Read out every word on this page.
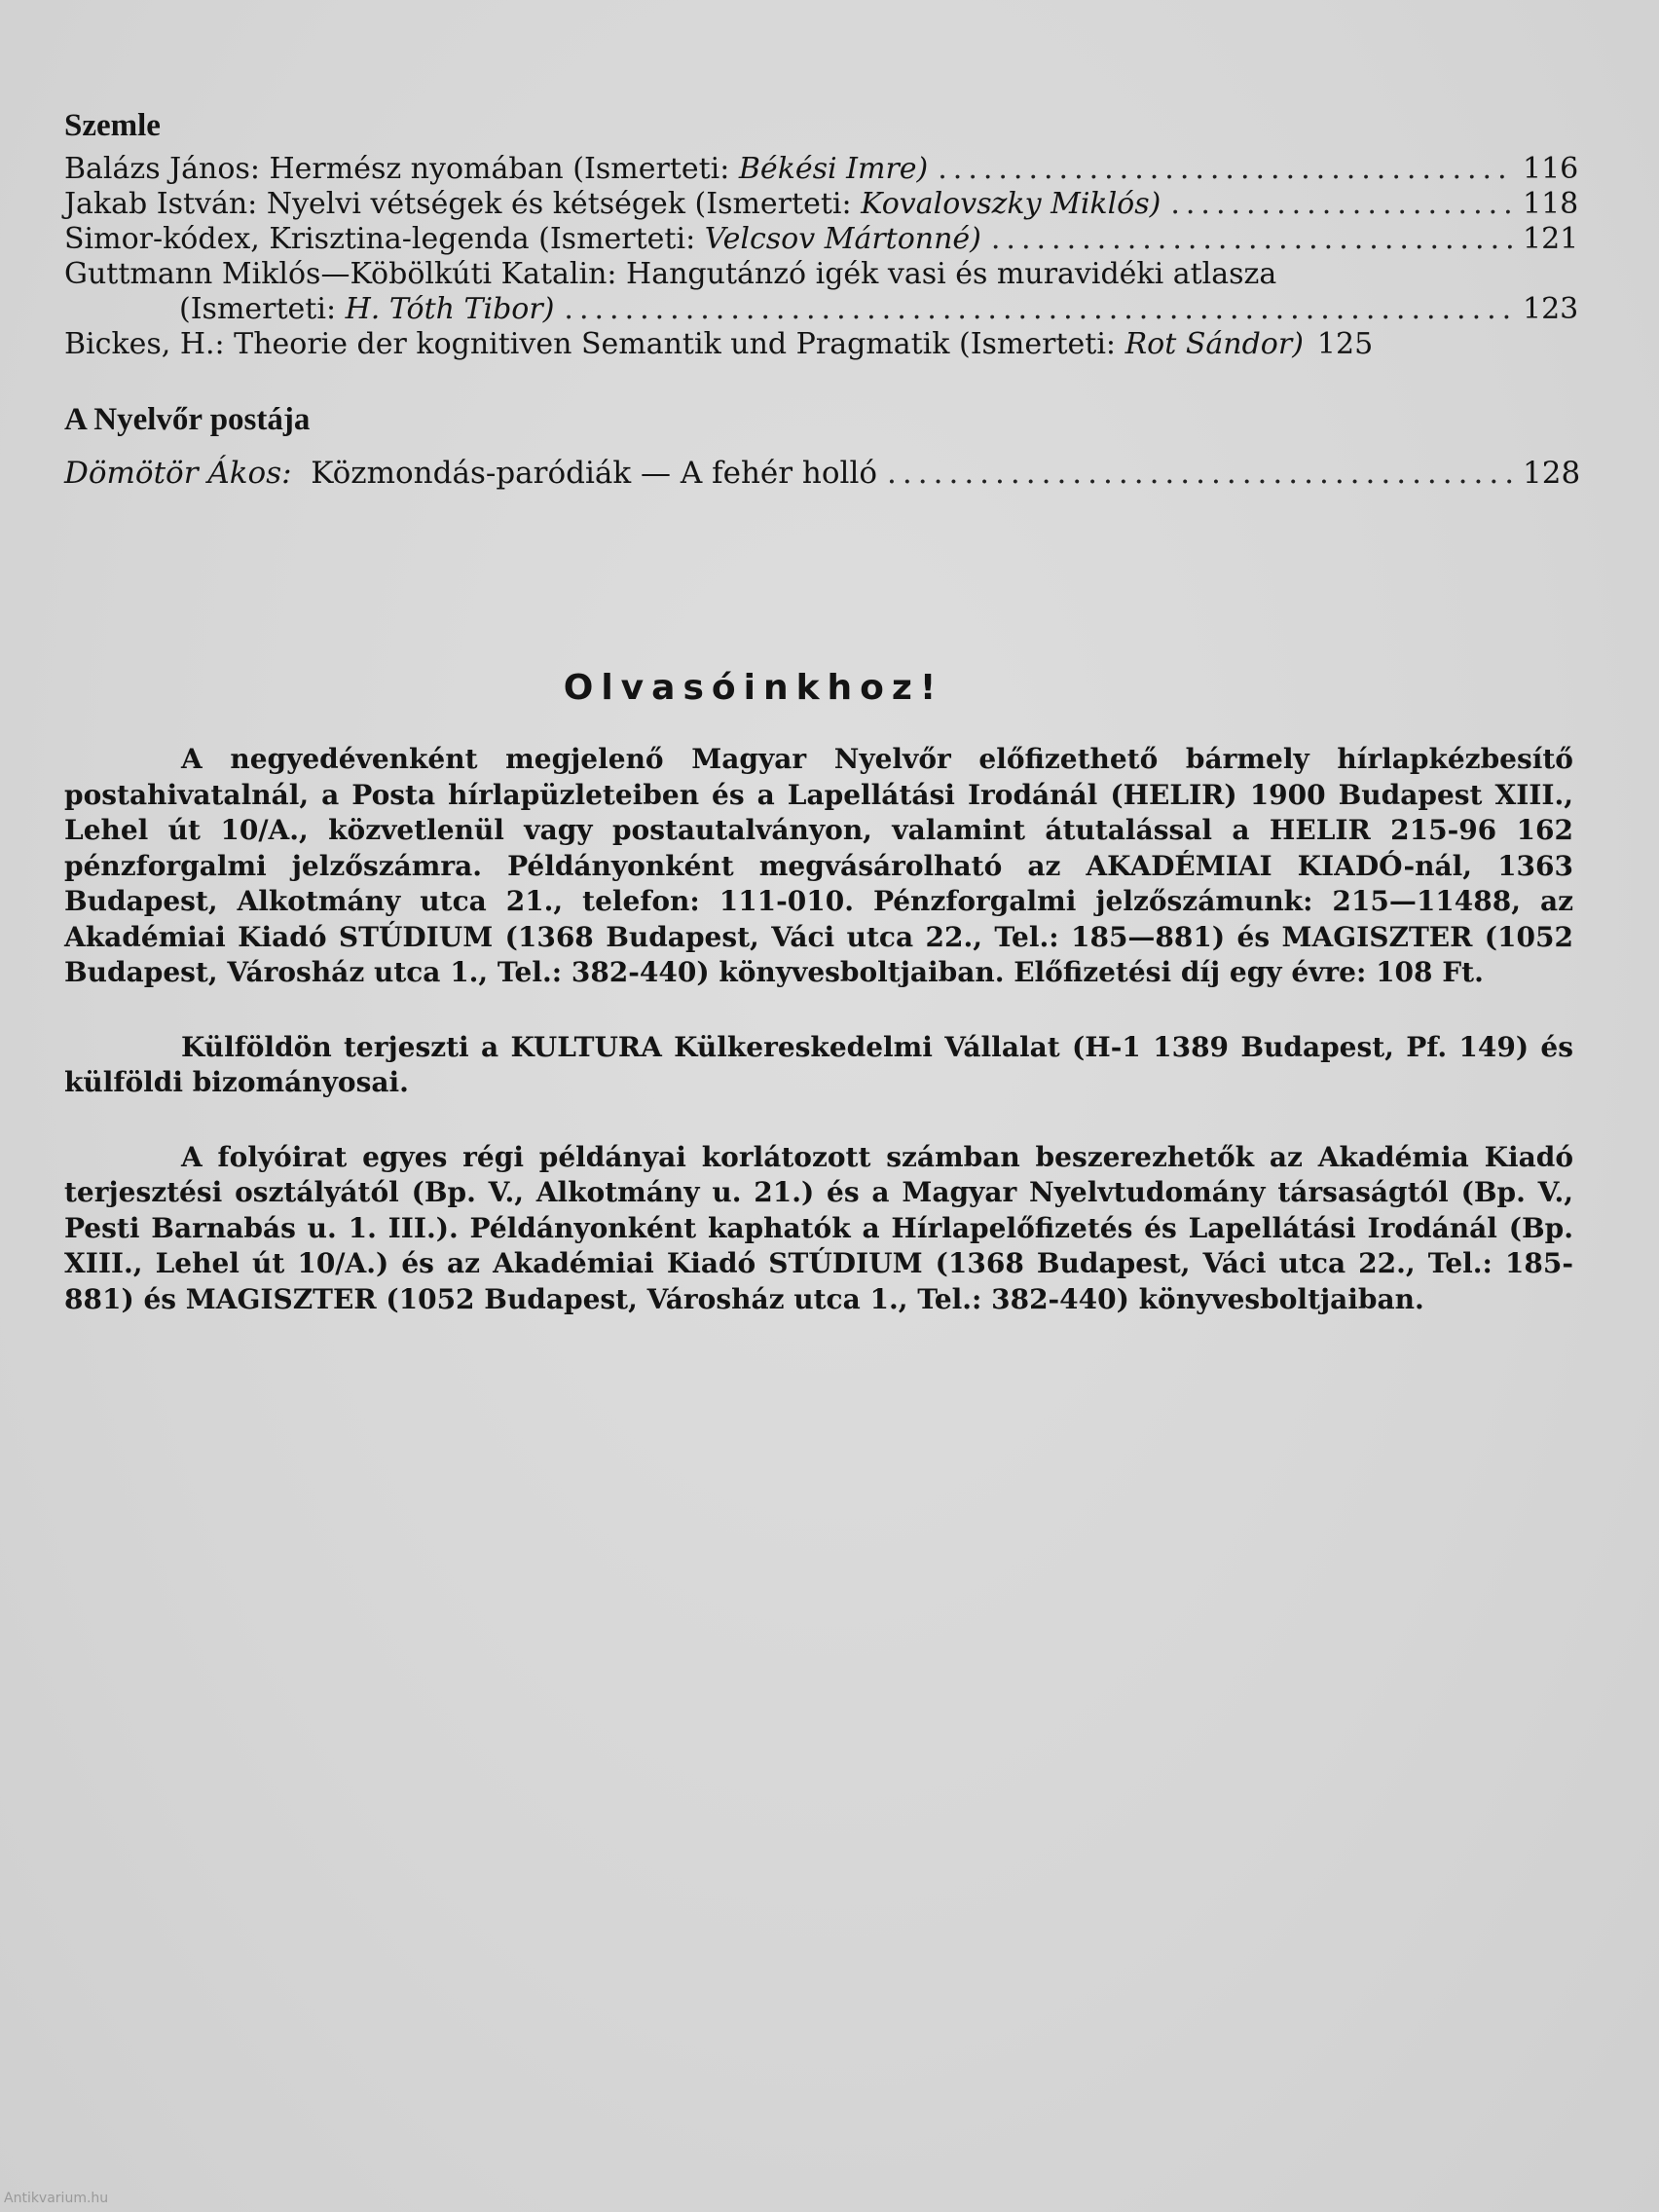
Szemle
Balázs János: Hermész nyomában (Ismerteti: Békési Imre) .....	116
Jakab István: Nyelvi vétségek és kétségek (Ismerteti: Kovalovszky Miklós) .....	118
Simor-kódex, Krisztina-legenda (Ismerteti: Velcsov Mártonné) .....	121
Guttmann Miklós—Köbölkúti Katalin: Hangutánzó igék vasi és muravidéki atlasza
(Ismerteti: H. Tóth Tibor) .....	123
Bickes, H.: Theorie der kognitiven Semantik und Pragmatik (Ismerteti: Rot Sándor) 125
A Nyelvőr postája
Dömötör Ákos: Közmondás-paródiák — A fehér holló .....	128
Olvasóinkhoz!

A negyedévenként megjelenő Magyar Nyelvőr előfizethető bármely hírlapkézbesítő postahivatalnál, a Posta hírlapüzleteiben és a Lapellátási Irodánál (HELIR) 1900 Budapest XIII., Lehel út 10/A., közvetlenül vagy postautalványon, valamint átutalással a HELIR 215-96 162 pénzforgalmi jelzőszámra. Példányonként megvásárolható az AKADÉMIAI KIADÓ-nál, 1363 Budapest, Alkotmány utca 21., telefon: 111-010. Pénzforgalmi jelzőszámunk: 215—11488, az Akadémiai Kiadó STÚDIUM (1368 Budapest, Váci utca 22., Tel.: 185—881) és MAGISZTER (1052 Budapest, Városház utca 1., Tel.: 382-440) könyvesboltjaiban. Előfizetési díj egy évre: 108 Ft.

Külföldön terjeszti a KULTURA Külkereskedelmi Vállalat (H-1 1389 Budapest, Pf. 149) és külföldi bizományosai.

A folyóirat egyes régi példányai korlátozott számban beszerezhetők az Akadémia Kiadó terjesztési osztályától (Bp. V., Alkotmány u. 21.) és a Magyar Nyelvtudomány társaságtól (Bp. V., Pesti Barnabás u. 1. III.). Példányonként kaphatók a Hírlapelőfizetés és Lapellátási Irodánál (Bp. XIII., Lehel út 10/A.) és az Akadémiai Kiadó STÚDIUM (1368 Budapest, Váci utca 22., Tel.: 185-881) és MAGISZTER (1052 Budapest, Városház utca 1., Tel.: 382-440) könyvesboltjaiban.

Antikvarium.hu
